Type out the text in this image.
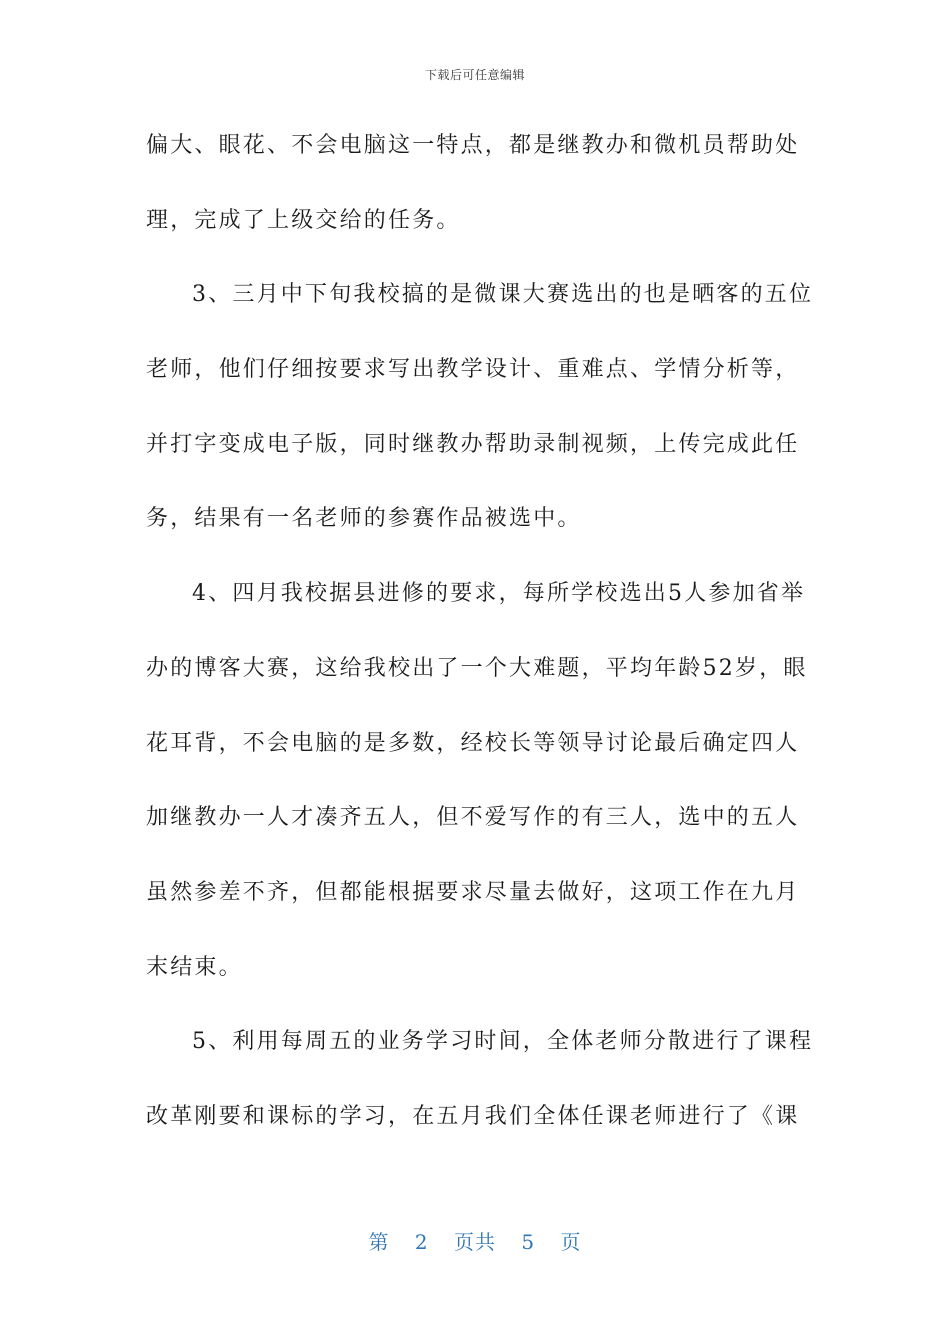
下载后可任意编辑
偏大、眼花、不会电脑这一特点，都是继教办和微机员帮助处
理，完成了上级交给的任务。
3、三月中下旬我校搞的是微课大赛选出的也是晒客的五位
老师，他们仔细按要求写出教学设计、重难点、学情分析等，
并打字变成电子版，同时继教办帮助录制视频，上传完成此任
务，结果有一名老师的参赛作品被选中。
4、四月我校据县进修的要求，每所学校选出5人参加省举
办的博客大赛，这给我校出了一个大难题，平均年龄52岁，眼
花耳背，不会电脑的是多数，经校长等领导讨论最后确定四人
加继教办一人才凑齐五人，但不爱写作的有三人，选中的五人
虽然参差不齐，但都能根据要求尽量去做好，这项工作在九月
末结束。
5、利用每周五的业务学习时间，全体老师分散进行了课程
改革刚要和课标的学习，在五月我们全体任课老师进行了《课
第 2 页共 5 页
